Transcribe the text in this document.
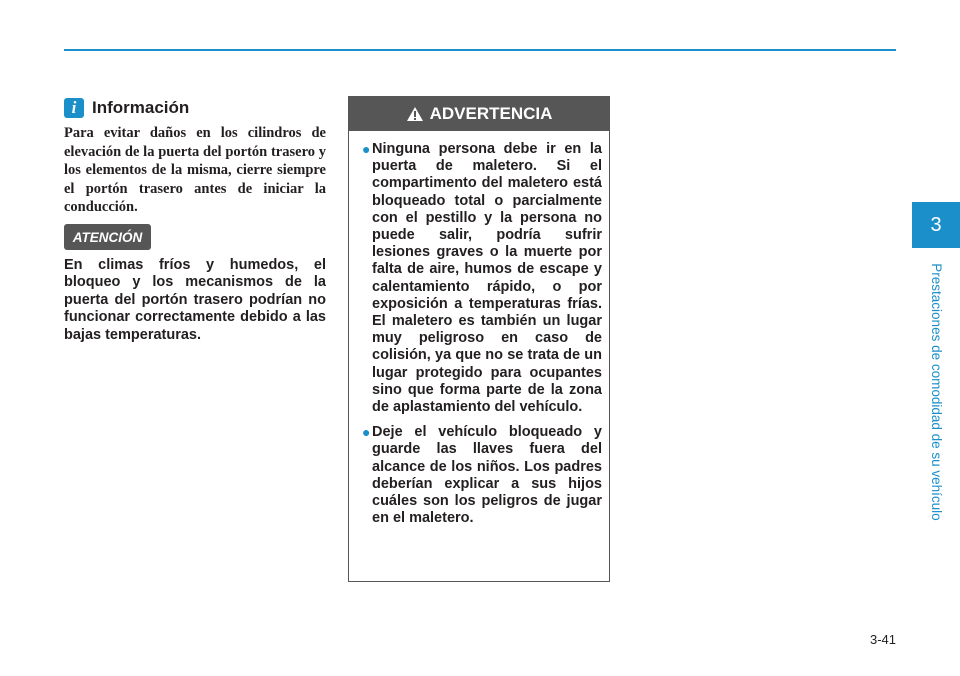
i Información
Para evitar daños en los cilindros de elevación de la puerta del portón trasero y los elementos de la misma, cierre siempre el portón trasero antes de iniciar la conducción.
ATENCIÓN
En climas fríos y humedos, el bloqueo y los mecanismos de la puerta del portón trasero podrían no funcionar correctamente debido a las bajas temperaturas.
ADVERTENCIA
● Ninguna persona debe ir en la puerta de maletero. Si el compartimento del maletero está bloqueado total o parcialmente con el pestillo y la persona no puede salir, podría sufrir lesiones graves o la muerte por falta de aire, humos de escape y calentamiento rápido, o por exposición a temperaturas frías. El maletero es también un lugar muy peligroso en caso de colisión, ya que no se trata de un lugar protegido para ocupantes sino que forma parte de la zona de aplastamiento del vehículo.
● Deje el vehículo bloqueado y guarde las llaves fuera del alcance de los niños. Los padres deberían explicar a sus hijos cuáles son los peligros de jugar en el maletero.
3
Prestaciones de comodidad de su vehículo
3-41
